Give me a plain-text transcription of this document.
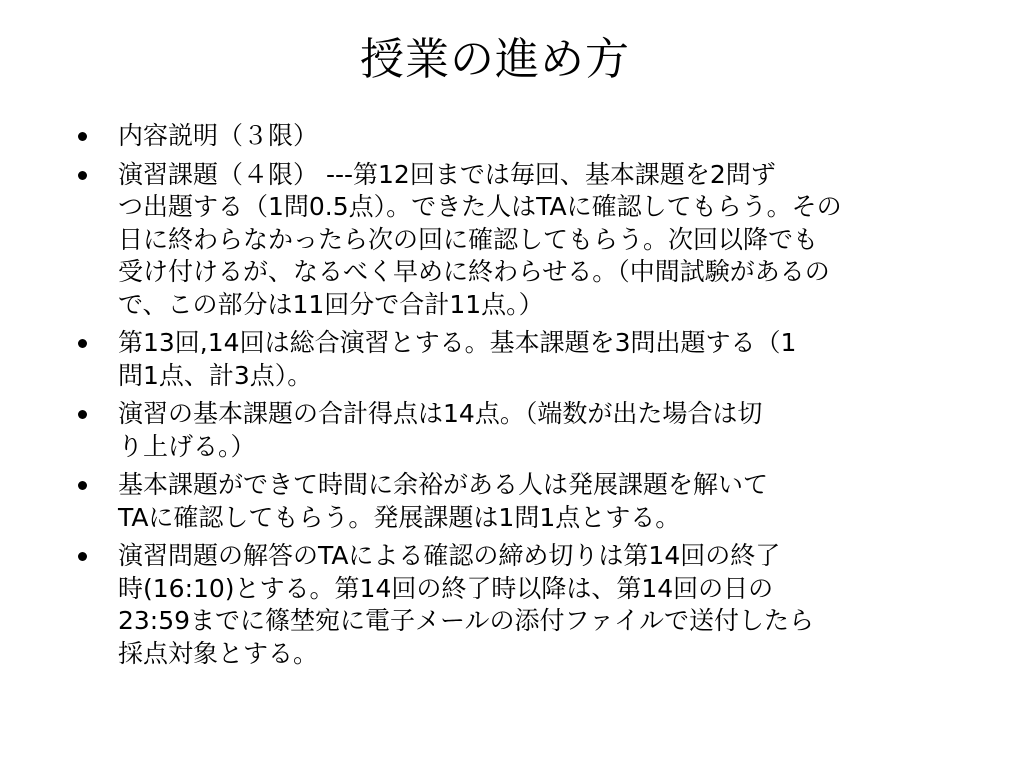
授業の進め方
内容説明（３限）
演習課題（４限） ---第12回までは毎回、基本課題を2問ず
つ出題する（1問0.5点）。できた人はTAに確認してもらう。その
日に終わらなかったら次の回に確認してもらう。次回以降でも
受け付けるが、なるべく早めに終わらせる。（中間試験があるの
で、この部分は11回分で合計11点。）
第13回,14回は総合演習とする。基本課題を3問出題する（1
問1点、計3点）。
演習の基本課題の合計得点は14点。（端数が出た場合は切
り上げる。）
基本課題ができて時間に余裕がある人は発展課題を解いて
TAに確認してもらう。発展課題は1問1点とする。
演習問題の解答のTAによる確認の締め切りは第14回の終了
時(16:10)とする。第14回の終了時以降は、第14回の日の
23:59までに篠埜宛に電子メールの添付ファイルで送付したら
採点対象とする。
